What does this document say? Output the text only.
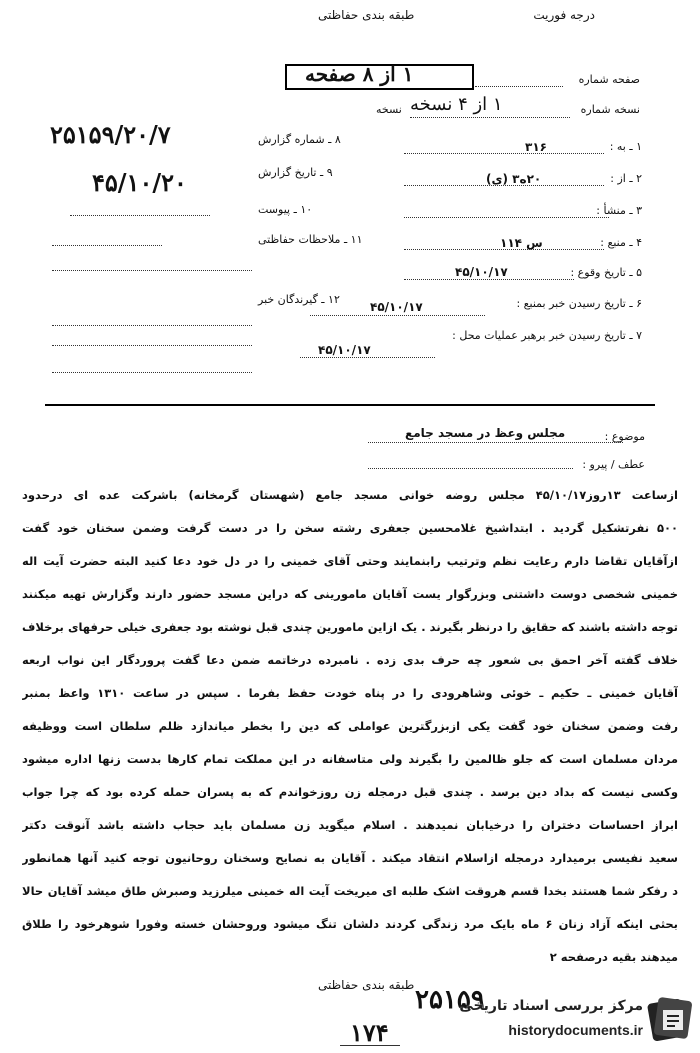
درجه فوریت
طبقه بندی حفاظتی
۱ از ۸ صفحه	صفحه شماره
نسخه شماره
نسخه ۱ از ۴ نسخه
۸ ـ شماره گزارش
۲۵۱۵۹/۲۰/۷
۹ ـ تاریخ گزارش
۴۵/۱۰/۲۰
۱۰ ـ پیوست
۱۱ ـ ملاحظات حفاظتی
۱۲ ـ گیرندگان خبر
۱ ـ به :
۳۱۶
۲ ـ از :
۲۰ه۳ (ی)
۳ ـ منشأ :
۴ ـ منبع :
س ۱۱۴
۵ ـ تاریخ وقوع :
۴۵/۱۰/۱۷
۶ ـ تاریخ رسیدن خبر بمنبع :
۴۵/۱۰/۱۷
۷ ـ تاریخ رسیدن خبر برهبر عملیات محل :
۴۵/۱۰/۱۷
موضوع :
مجلس وعظ در مسجد جامع
عطف / پیرو :
ازساعت ۱۳روز۴۵/۱۰/۱۷ مجلس روضه خوانی مسجد جامع (شهستان گرمخانه) باشرکت عده ای درحدود
۵۰۰ نفرتشکیل گردید . ابتداشیخ غلامحسین جعفری رشته سخن را در دست گرفت وضمن سخنان خود گفت
ازآقایان تقاضا دارم رعایت نظم وترتیب رابنمایند وحتی آقای خمینی را در دل خود دعا کنید البته حضرت آیت اله
خمینی شخصی دوست داشتنی وبزرگوار یست آقایان مامورینی که دراین مسجد حضور دارند وگزارش تهیه میکنند
توجه داشته باشند که حقایق را درنظر بگیرند . یک ازاین مامورین چندی قبل نوشته بود جعفری خیلی حرفهای برخلاف
خلاف گفته آخر احمق بی شعور چه حرف بدی زده . نامبرده درخاتمه ضمن دعا گفت پروردگار این نواب اربعه
آقایان خمینی ـ حکیم ـ خوئی وشاهرودی را در پناه خودت حفظ بفرما . سپس در ساعت ۱۳۱۰ واعظ بمنبر
رفت وضمن سخنان خود گفت یکی ازبزرگترین عواملی که دین را بخطر میاندازد ظلم سلطان است ووظیفه
مردان مسلمان است که جلو ظالمین را بگیرند ولی متاسفانه در این مملکت تمام کارها بدست زنها اداره میشود
وکسی نیست که بداد دین برسد . چندی قبل درمجله زن روزخواندم که به پسران حمله کرده بود که چرا جواب
ابراز احساسات دختران را درخیابان نمیدهند . اسلام میگوید زن مسلمان باید حجاب داشته باشد آنوقت دکتر
سعید نفیسی برمیدارد درمجله ازاسلام انتقاد میکند . آقایان به نصایح وسخنان روحانیون توجه کنید آنها همانطور
د رفکر شما هستند بخدا قسم هروقت اشک طلبه ای میریخت آیت اله خمینی میلرزید وصبرش طاق میشد آقایان حالا
بحثی اینکه آزاد زنان ۶ ماه بایک مرد زندگی کردند دلشان تنگ میشود وروحشان خسته وفورا شوهرخود را طلاق
میدهند بقیه درصفحه ۲
طبقه بندی حفاظتی ۲۵۱۵۹
۱۷۴
مرکز بررسی اسناد تاریخی
historydocuments.ir
